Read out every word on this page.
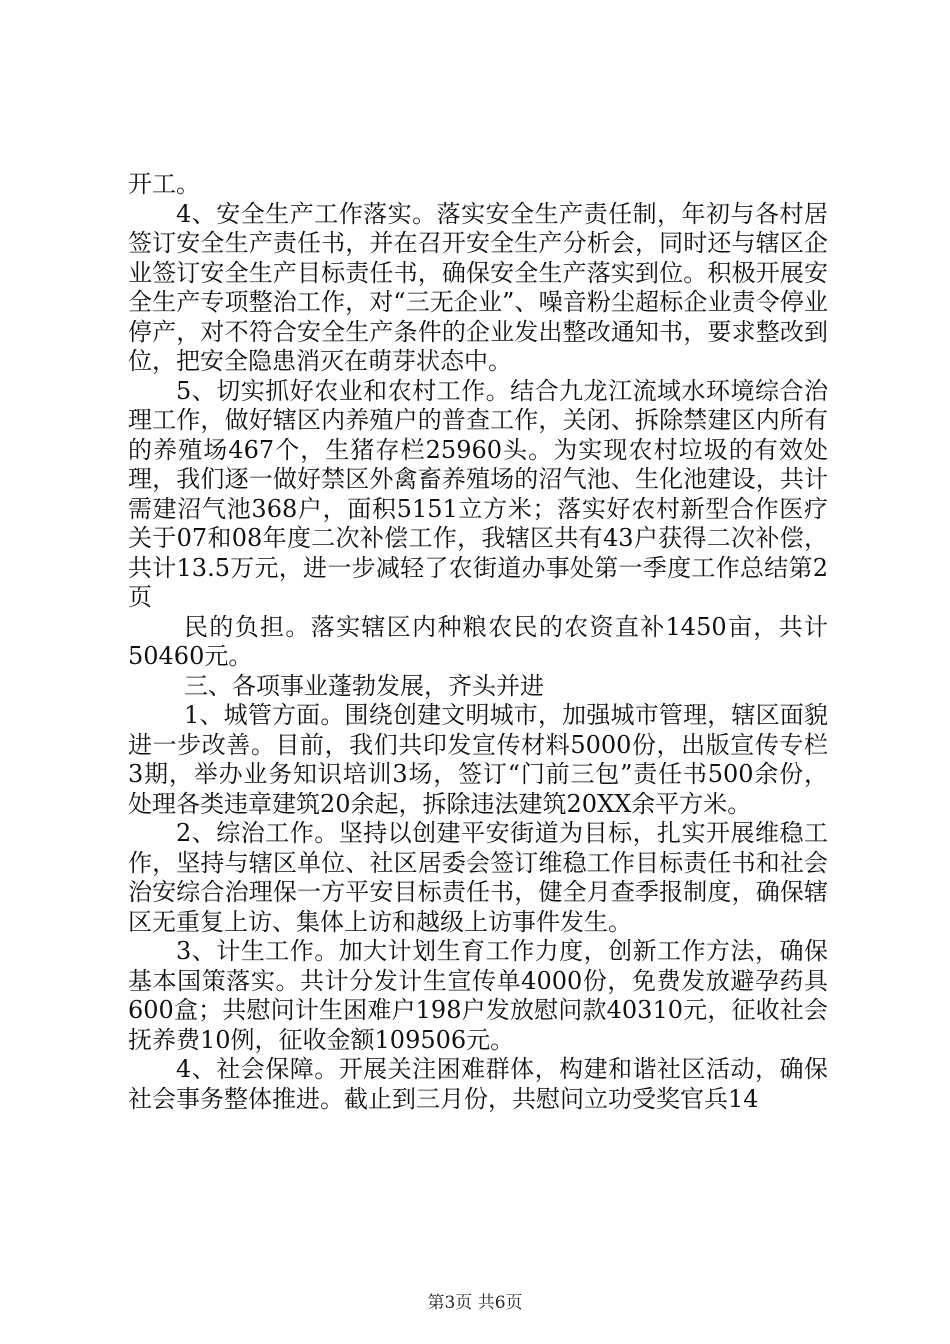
开工。

4、安全生产工作落实。落实安全生产责任制，年初与各村居签订安全生产责任书，并在召开安全生产分析会，同时还与辖区企业签订安全生产目标责任书，确保安全生产落实到位。积极开展安全生产专项整治工作，对“三无企业”、噪音粉尘超标企业责令停业停产，对不符合安全生产条件的企业发出整改通知书，要求整改到位，把安全隐患消灭在萌芽状态中。

5、切实抓好农业和农村工作。结合九龙江流域水环境综合治理工作，做好辖区内养殖户的普查工作，关闭、拆除禁建区内所有的养殖场467个，生猪存栏25960头。为实现农村垃圾的有效处理，我们逐一做好禁区外禽畜养殖场的沼气池、生化池建设，共计需建沼气池368户，面积5151立方米；落实好农村新型合作医疗关于07和08年度二次补偿工作，我辖区共有43户获得二次补偿，共计13.5万元，进一步减轻了农街道办事处第一季度工作总结第2页

民的负担。落实辖区内种粮农民的农资直补1450亩，共计50460元。

三、各项事业蓬勃发展，齐头并进

1、城管方面。围绕创建文明城市，加强城市管理，辖区面貌进一步改善。目前，我们共印发宣传材料5000份，出版宣传专栏3期，举办业务知识培训3场，签订“门前三包”责任书500余份，处理各类违章建筑20余起，拆除违法建筑20XX余平方米。

2、综治工作。坚持以创建平安街道为目标，扎实开展维稳工作，坚持与辖区单位、社区居委会签订维稳工作目标责任书和社会治安综合治理保一方平安目标责任书，健全月查季报制度，确保辖区无重复上访、集体上访和越级上访事件发生。

3、计生工作。加大计划生育工作力度，创新工作方法，确保基本国策落实。共计分发计生宣传单4000份，免费发放避孕药具600盒；共慰问计生困难户198户发放慰问款40310元，征收社会抚养费10例，征收金额109506元。

4、社会保障。开展关注困难群体，构建和谐社区活动，确保社会事务整体推进。截止到三月份，共慰问立功受奖官兵14

第3页 共6页
